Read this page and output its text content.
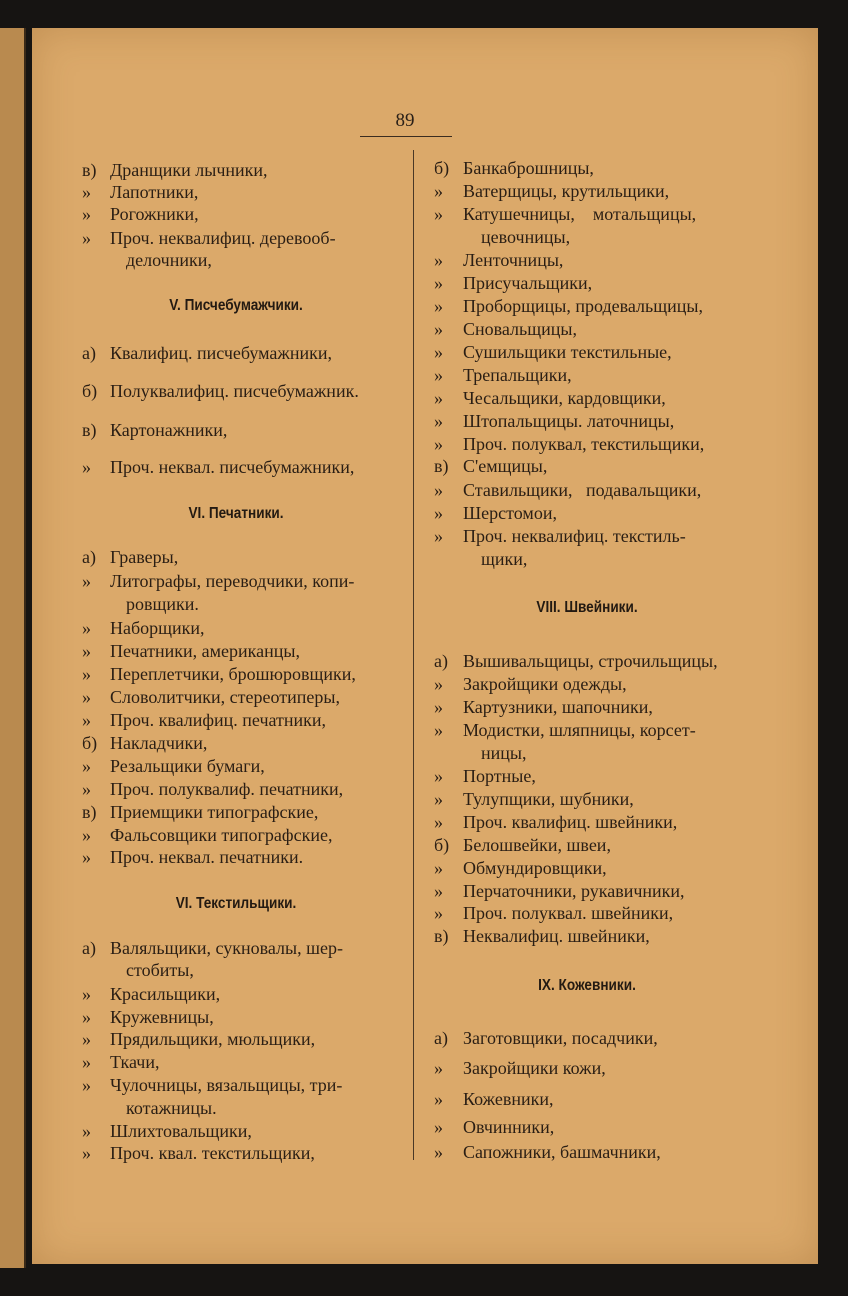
89
в) Дранщики лычники,
» Лапотники,
» Рогожники,
» Проч. неквалифиц. деревооб-
делочники,
V. Писчебумажчики.
а) Квалифиц. писчебумажники,
б) Полуквалифиц. писчебумажник.
в) Картонажники,
» Проч. неквал. писчебумажники,
VI. Печатники.
а) Граверы,
» Литографы, переводчики, копи-
ровщики.
» Наборщики,
» Печатники, американцы,
» Переплетчики, брошюровщики,
» Словолитчики, стереотиперы,
» Проч. квалифиц. печатники,
б) Накладчики,
» Резальщики бумаги,
» Проч. полуквалиф. печатники,
в) Приемщики типографские,
» Фальсовщики типографские,
» Проч. неквал. печатники.
VI. Текстильщики.
а) Валяльщики, сукновалы, шер-
стобиты,
» Красильщики,
» Кружевницы,
» Прядильщики, мюльщики,
» Ткачи,
» Чулочницы, вязальщицы, три-
котажницы.
» Шлихтовальщики,
» Проч. квал. текстильщики,
б) Банкаброшницы,
» Ватерщицы, крутильщики,
» Катушечницы,    мотальщицы,
цевочницы,
» Ленточницы,
» Присучальщики,
» Проборщицы, продевальщицы,
» Сновальщицы,
» Сушильщики текстильные,
» Трепальщики,
» Чесальщики, кардовщики,
» Штопальщицы. латочницы,
» Проч. полуквал, текстильщики,
в) С'емщицы,
» Ставильщики,   подавальщики,
» Шерстомои,
» Проч. неквалифиц. текстиль-
щики,
VIII. Швейники.
а) Вышивальщицы, строчильщицы,
» Закройщики одежды,
» Картузники, шапочники,
» Модистки, шляпницы, корсет-
ницы,
» Портные,
» Тулупщики, шубники,
» Проч. квалифиц. швейники,
б) Белошвейки, швеи,
» Обмундировщики,
» Перчаточники, рукавичники,
» Проч. полуквал. швейники,
в) Неквалифиц. швейники,
IX. Кожевники.
а) Заготовщики, посадчики,
» Закройщики кожи,
» Кожевники,
» Овчинники,
» Сапожники, башмачники,
